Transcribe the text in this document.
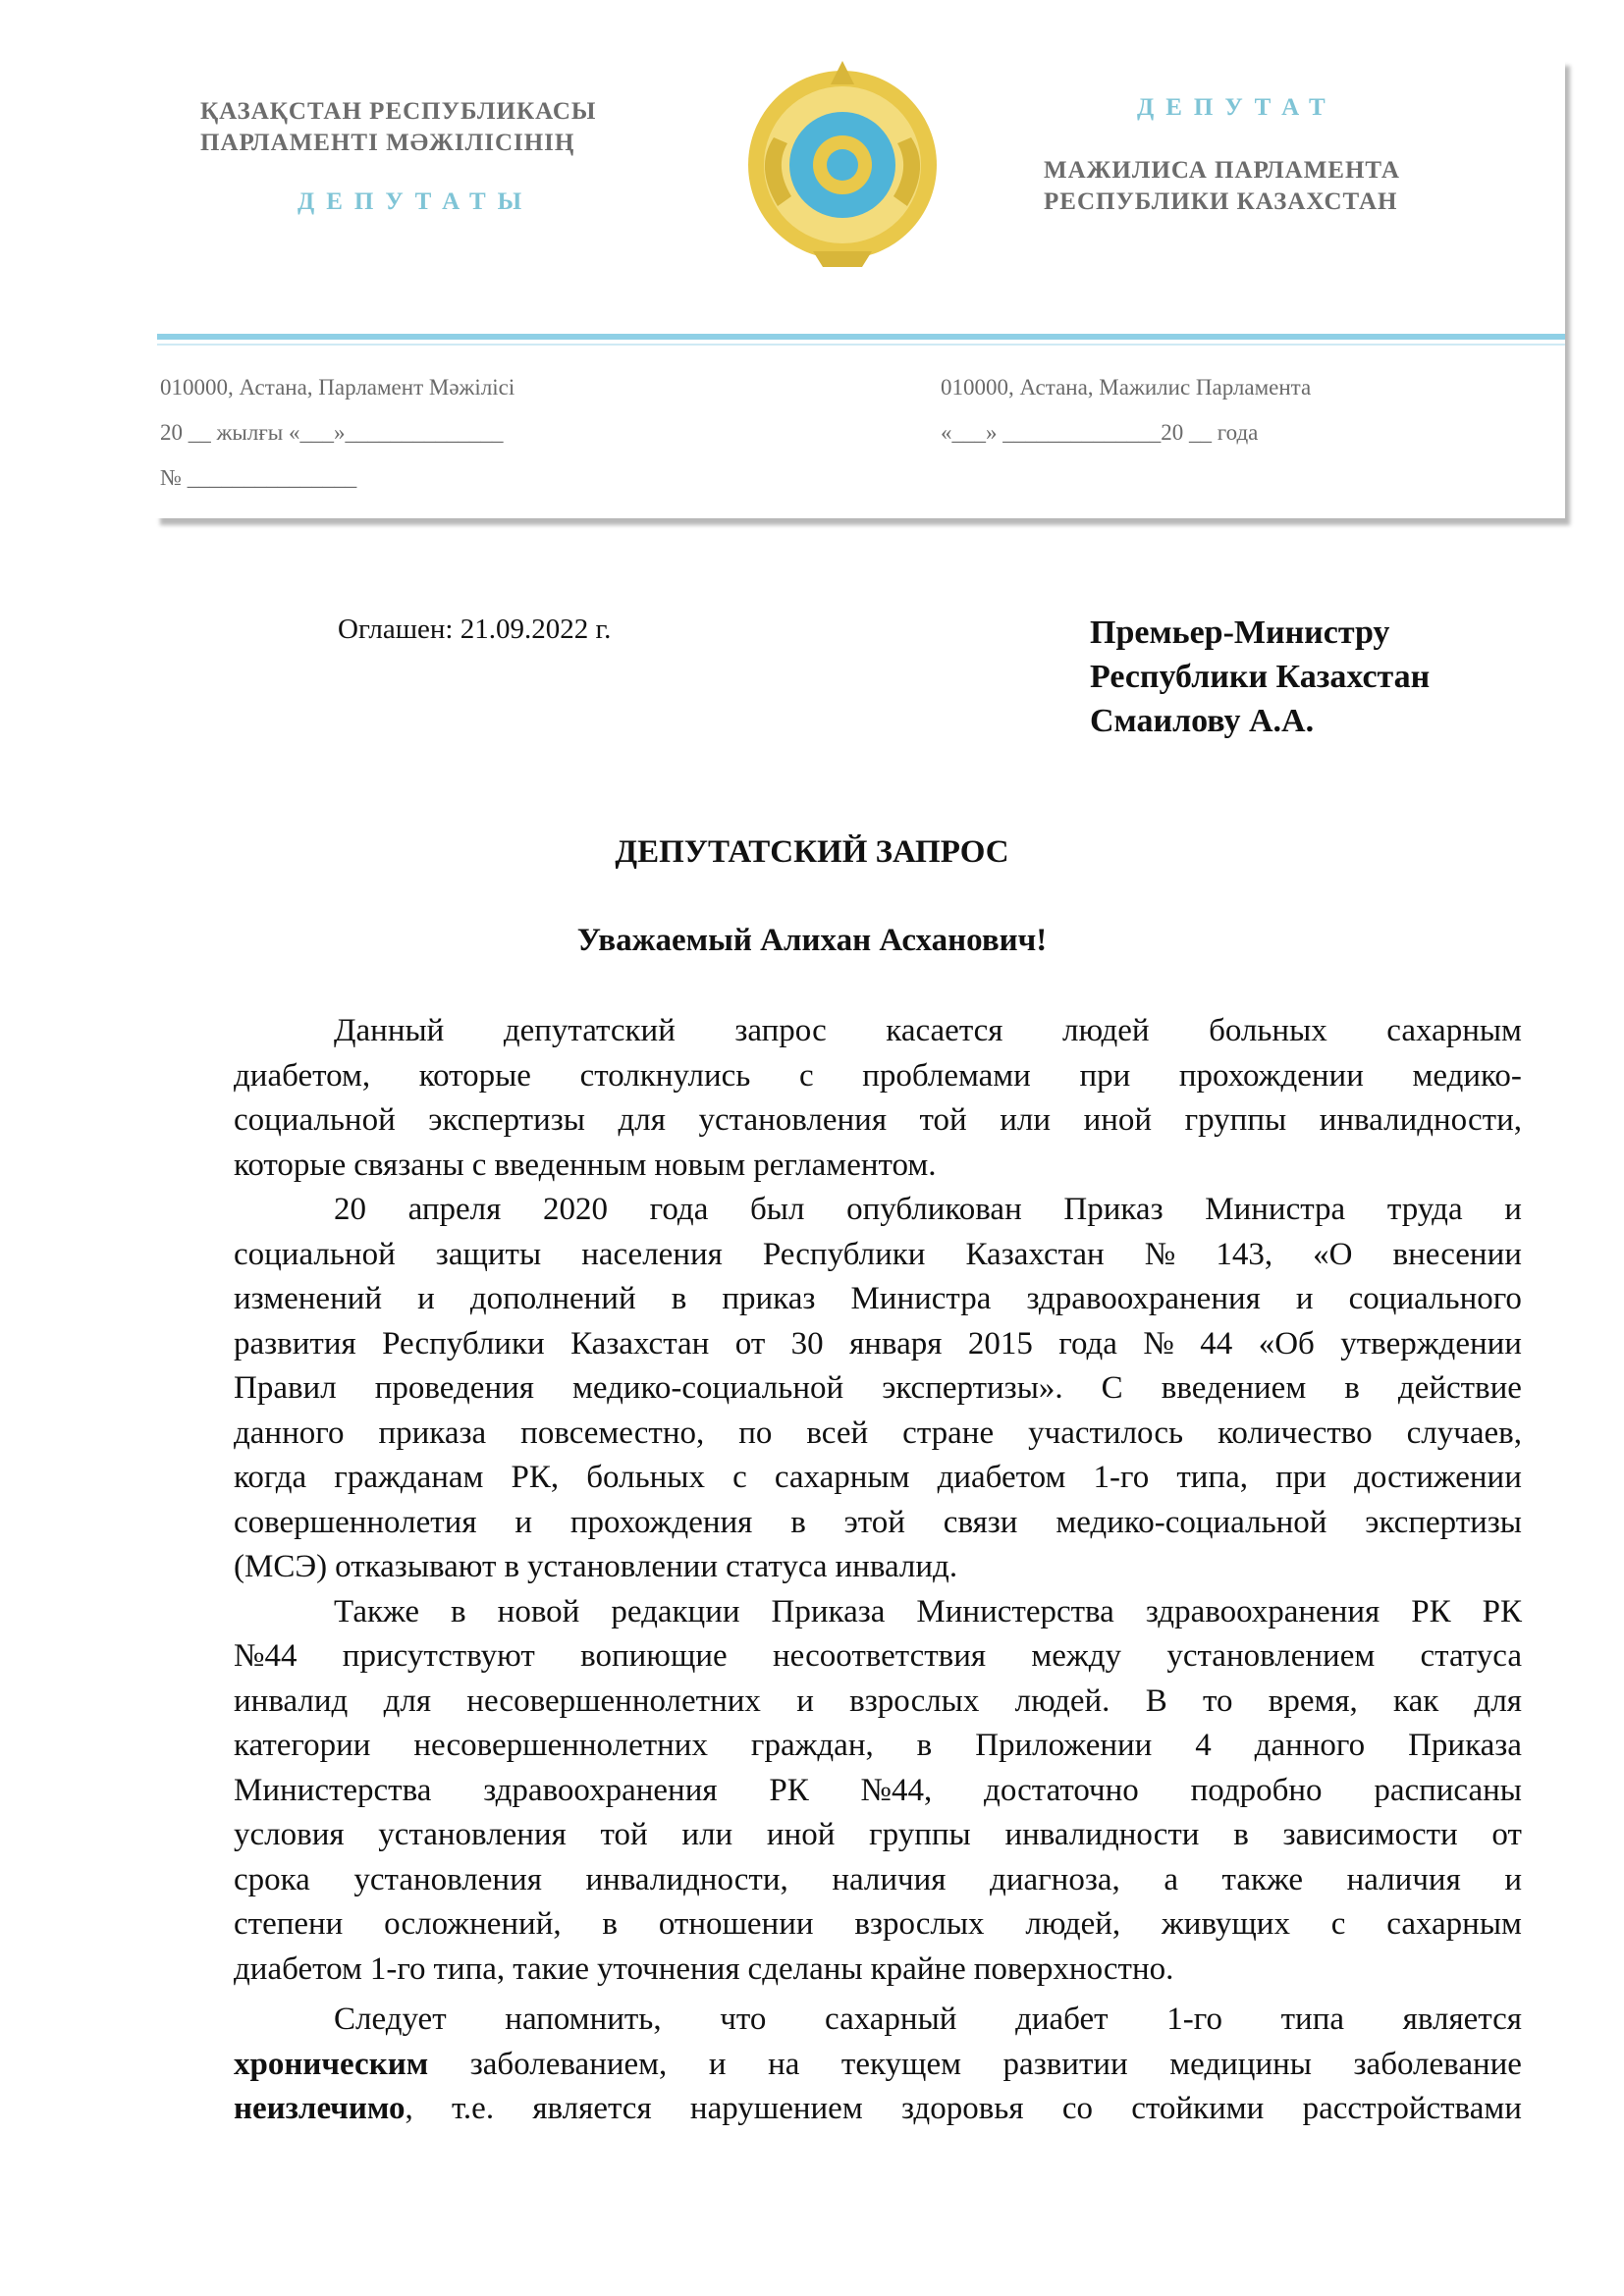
ҚАЗАҚСТАН РЕСПУБЛИКАСЫ
ПАРЛАМЕНТІ МӘЖІЛІСІНІҢ
ДЕПУТАТЫ
ДЕПУТАТ
МАЖИЛИСА ПАРЛАМЕНТА
РЕСПУБЛИКИ КАЗАХСТАН
010000, Астана, Парламент Мәжілісі
20 __ жылғы «___»______________
№ _______________
010000, Астана, Мажилис Парламента
«___» ______________20 __ года
Оглашен: 21.09.2022 г.	Премьер-Министру
Республики Казахстан
Смаилову А.А.
ДЕПУТАТСКИЙ ЗАПРОС
Уважаемый Алихан Асханович!
Данный депутатский запрос касается людей больных сахарным
диабетом, которые столкнулись с проблемами при прохождении медико-
социальной экспертизы для установления той или иной группы инвалидности,
которые связаны с введенным новым регламентом.
20 апреля 2020 года был опубликован Приказ Министра труда и
социальной защиты населения Республики Казахстан № 143, «О внесении
изменений и дополнений в приказ Министра здравоохранения и социального
развития Республики Казахстан от 30 января 2015 года № 44 «Об утверждении
Правил проведения медико-социальной экспертизы». С введением в действие
данного приказа повсеместно, по всей стране участилось количество случаев,
когда гражданам РК, больных с сахарным диабетом 1-го типа, при достижении
совершеннолетия и прохождения в этой связи медико-социальной экспертизы
(МСЭ) отказывают в установлении статуса инвалид.
Также в новой редакции Приказа Министерства здравоохранения РК РК
№44 присутствуют вопиющие несоответствия между установлением статуса
инвалид для несовершеннолетних и взрослых людей. В то время, как для
категории несовершеннолетних граждан, в Приложении 4 данного Приказа
Министерства здравоохранения РК №44, достаточно подробно расписаны
условия установления той или иной группы инвалидности в зависимости от
срока установления инвалидности, наличия диагноза, а также наличия и
степени осложнений, в отношении взрослых людей, живущих с сахарным
диабетом 1-го типа, такие уточнения сделаны крайне поверхностно.
Следует напомнить, что сахарный диабет 1-го типа является
хроническим заболеванием, и на текущем развитии медицины заболевание
неизлечимо, т.е. является нарушением здоровья со стойкими расстройствами
